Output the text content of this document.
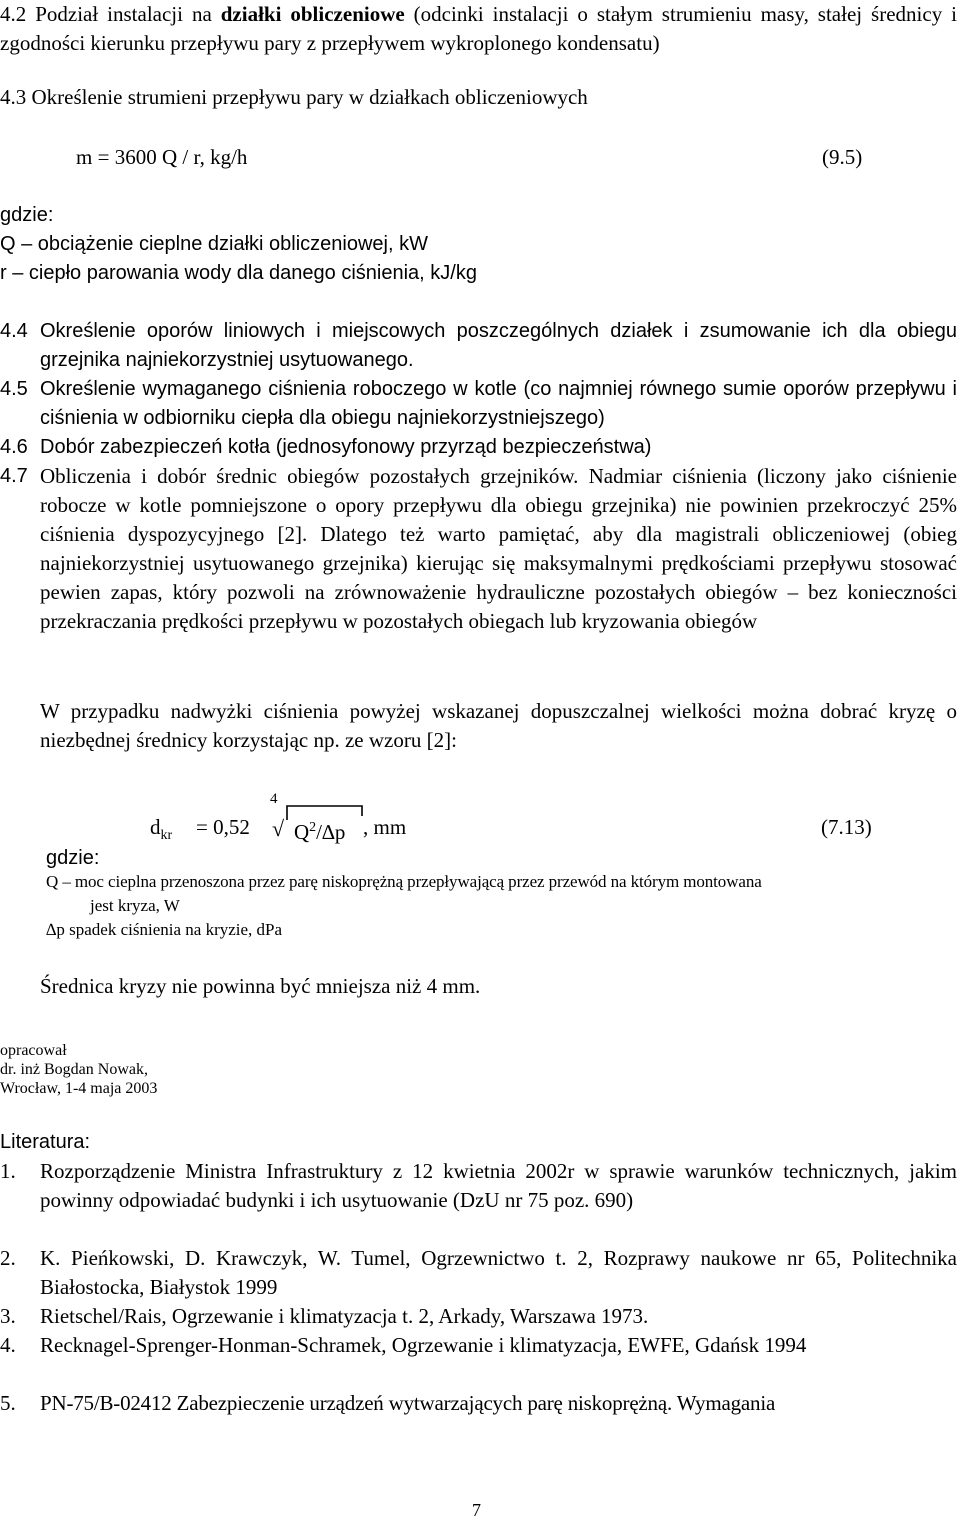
4.2 Podział instalacji na działki obliczeniowe (odcinki instalacji o stałym strumieniu masy, stałej średnicy i zgodności kierunku przepływu pary z przepływem wykroplonego kondensatu)
4.3 Określenie strumieni przepływu pary w działkach obliczeniowych
m = 3600 Q / r, kg/h	(9.5)
gdzie:
Q – obciążenie cieplne działki obliczeniowej, kW
r – ciepło parowania wody dla danego ciśnienia, kJ/kg
4.4 Określenie oporów liniowych i miejscowych poszczególnych działek i zsumowanie ich dla obiegu grzejnika najniekorzystniej usytuowanego.
4.5 Określenie wymaganego ciśnienia roboczego w kotle (co najmniej równego sumie oporów przepływu i ciśnienia w odbiorniku ciepła dla obiegu najniekorzystniejszego)
4.6 Dobór zabezpieczeń kotła (jednosyfonowy przyrząd bezpieczeństwa)
4.7 Obliczenia i dobór średnic obiegów pozostałych grzejników. Nadmiar ciśnienia (liczony jako ciśnienie robocze w kotle pomniejszone o opory przepływu dla obiegu grzejnika) nie powinien przekroczyć 25% ciśnienia dyspozycyjnego [2]. Dlatego też warto pamiętać, aby dla magistrali obliczeniowej (obieg najniekorzystniej usytuowanego grzejnika) kierując się maksymalnymi prędkościami przepływu stosować pewien zapas, który pozwoli na zrównoważenie hydrauliczne pozostałych obiegów – bez konieczności przekraczania prędkości przepływu w pozostałych obiegach lub kryzowania obiegów
W przypadku nadwyżki ciśnienia powyżej wskazanej dopuszczalnej wielkości można dobrać kryzę o niezbędnej średnicy korzystając np. ze wzoru [2]:
$d_{kr} = 0,52$
4
√ $Q^2/\Delta p$ , mm	(7.13)
gdzie:
Q – moc cieplna przenoszona przez parę niskoprężną przepływającą przez przewód na którym montowana
jest kryza, W
∆p spadek ciśnienia na kryzie, dPa
Średnica kryzy nie powinna być mniejsza niż 4 mm.
opracował
dr. inż Bogdan Nowak,
Wrocław, 1-4 maja 2003
Literatura:
1. Rozporządzenie Ministra Infrastruktury z 12 kwietnia 2002r w sprawie warunków technicznych, jakim powinny odpowiadać budynki i ich usytuowanie (DzU nr 75 poz. 690)
2. K. Pieńkowski, D. Krawczyk, W. Tumel, Ogrzewnictwo t. 2, Rozprawy naukowe nr 65, Politechnika Białostocka, Białystok 1999
3. Rietschel/Rais, Ogrzewanie i klimatyzacja t. 2, Arkady, Warszawa 1973.
4. Recknagel-Sprenger-Honman-Schramek, Ogrzewanie i klimatyzacja, EWFE, Gdańsk 1994
5. PN-75/B-02412 Zabezpieczenie urządzeń wytwarzających parę niskoprężną. Wymagania
7
